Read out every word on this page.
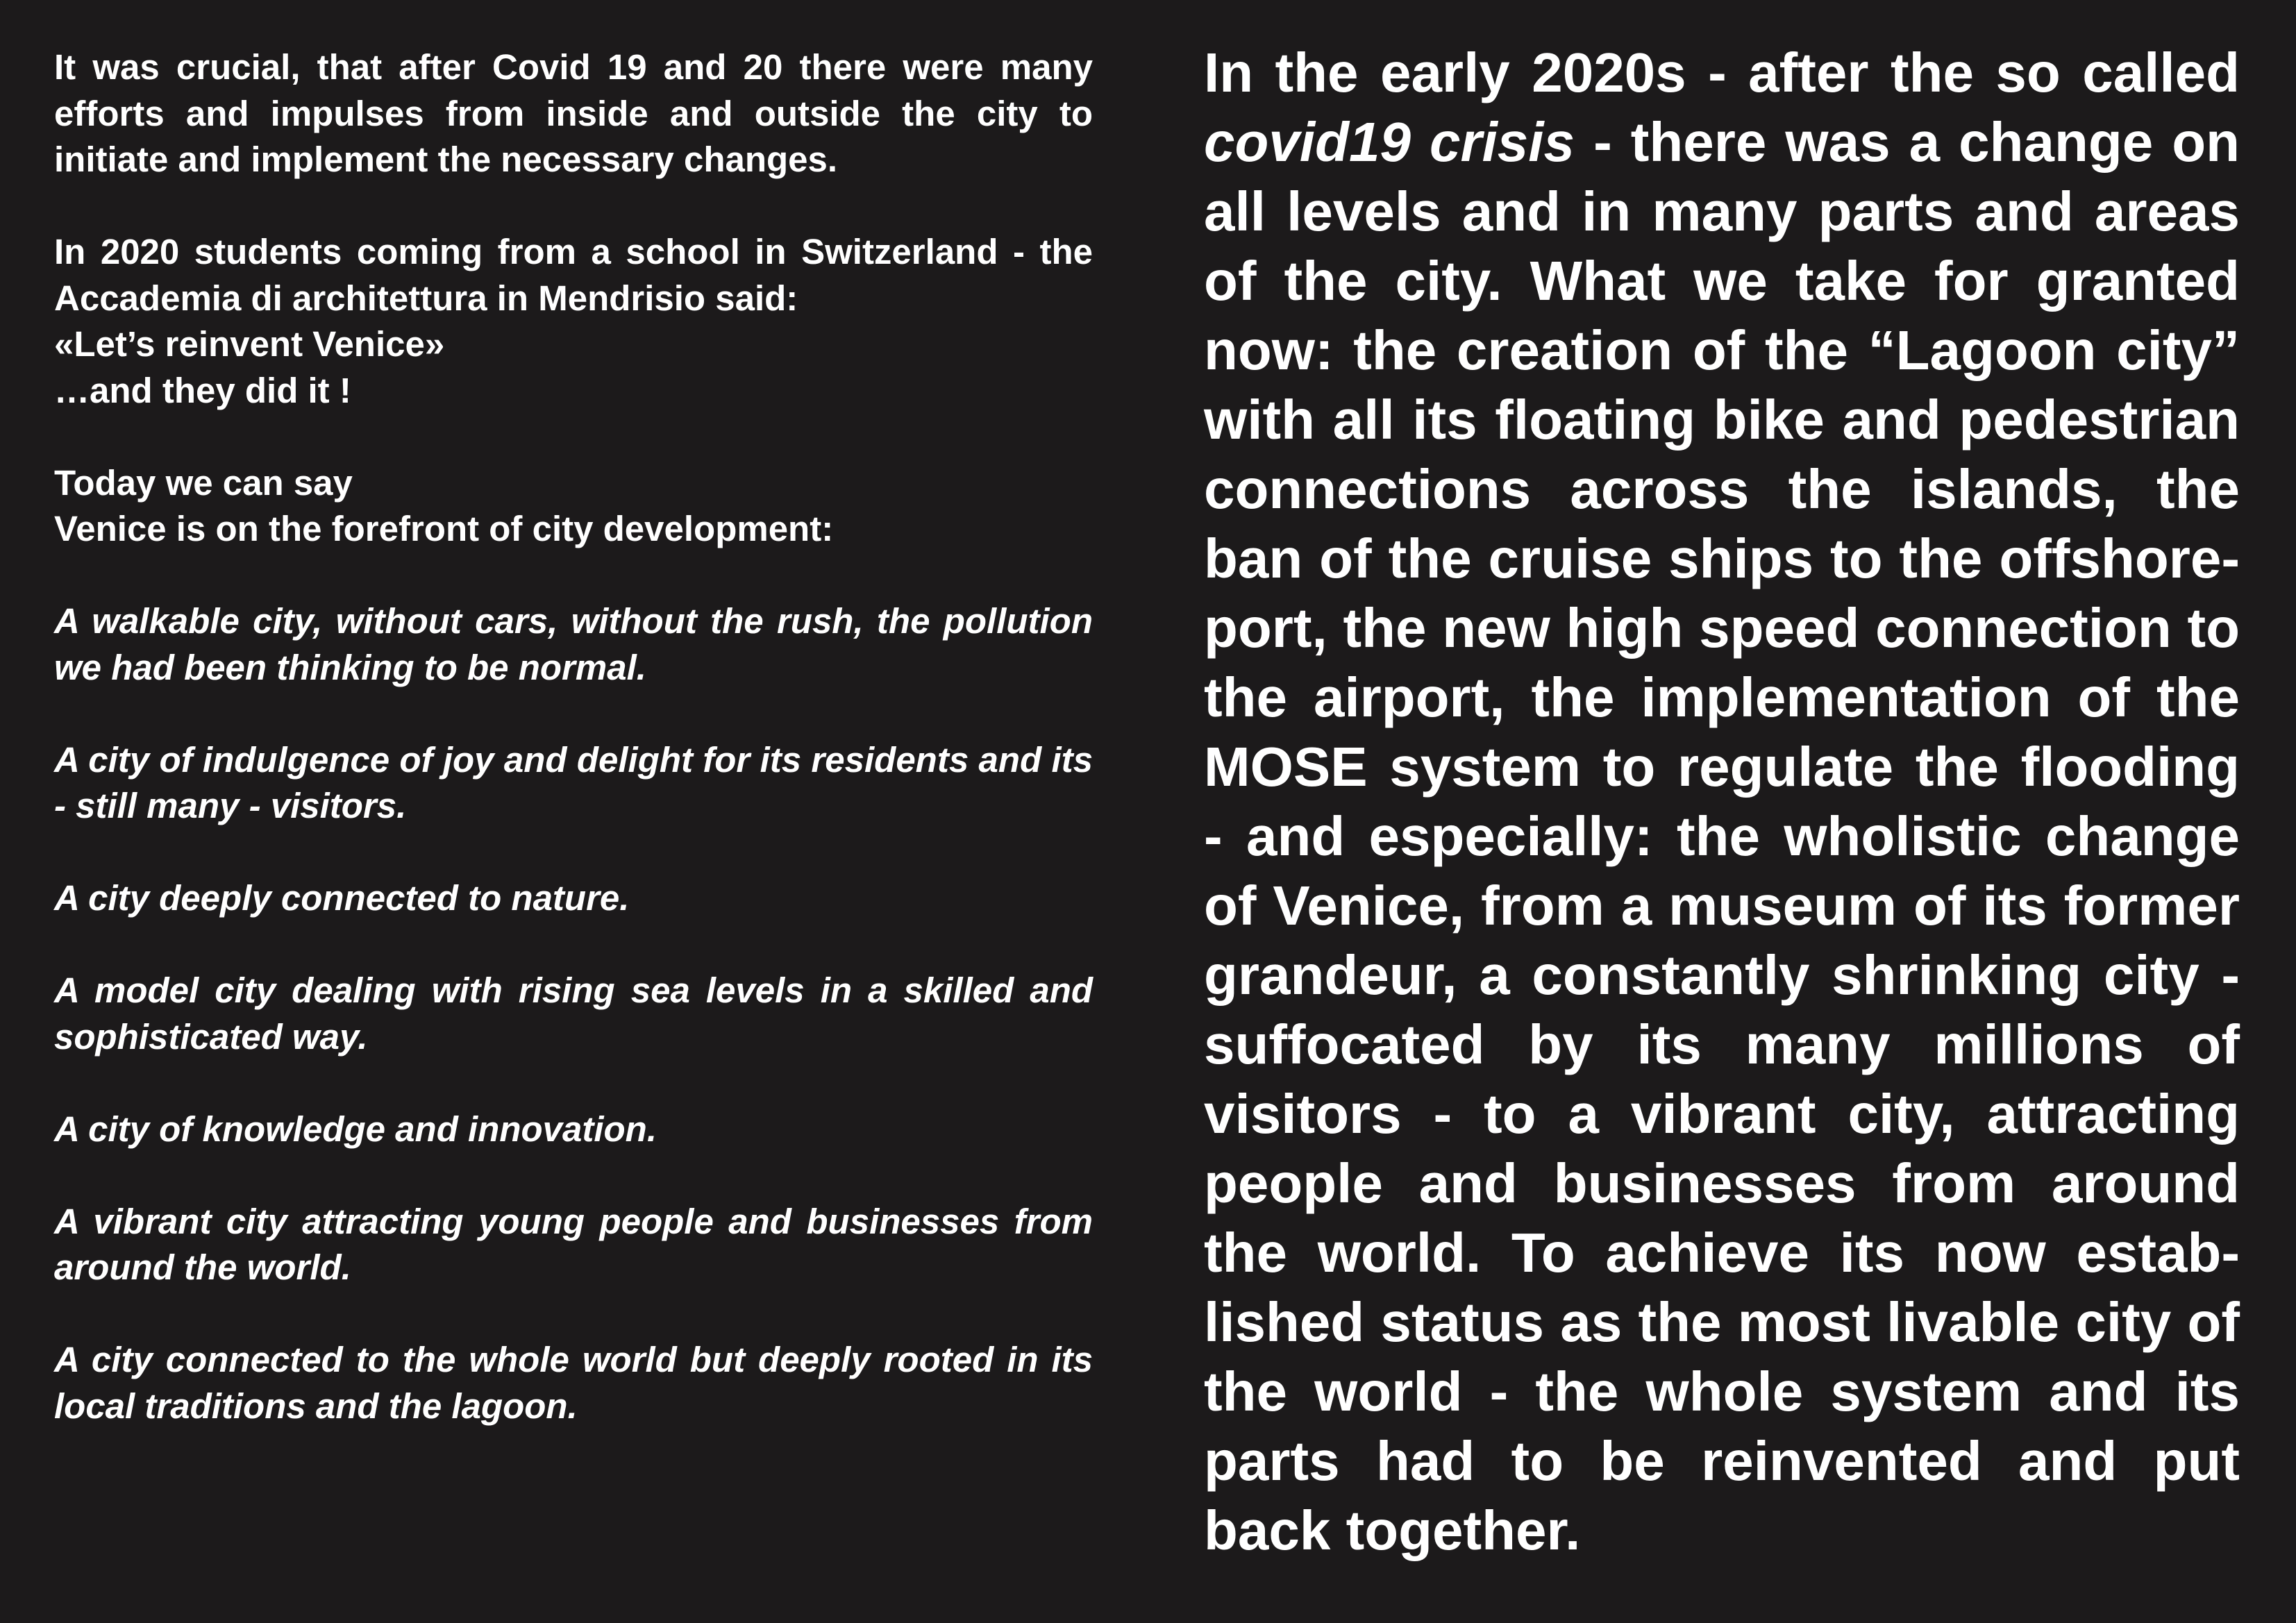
It was crucial, that after Covid 19 and 20 there were many efforts and impulses from inside and outside the city to initiate and implement the necessary changes.

In 2020 students coming from a school in Switzerland - the Accademia di architettura in Mendrisio said:
«Let’s reinvent Venice»
…and they did it !

Today we can say
Venice is on the forefront of city development:

A walkable city, without cars, without the rush, the pollution we had been thinking to be normal.

A city of indulgence of joy and delight for its residents and its - still many - visitors.

A city deeply connected to nature.

A model city dealing with rising sea levels in a skilled and sophisticated way.

A city of knowledge and innovation.

A vibrant city attracting young people and businesses from around the world.

A city connected to the whole world but deeply rooted in its local traditions and the lagoon.

In the early 2020s - after the so called covid19 crisis - there was a change on all levels and in many parts and areas of the city. What we take for granted now: the creation of the “Lagoon city” with all its floating bike and pedestrian connections across the islands, the ban of the cruise ships to the offshoreport, the new high speed connection to the airport, the implementation of the MOSE system to regulate the flooding - and especially: the wholistic change of Venice, from a museum of its former grandeur, a constantly shrinking city - suffocated by its many millions of visitors - to a vibrant city, attracting people and businesses from around the world. To achieve its now established status as the most livable city of the world - the whole system and its parts had to be reinvented and put back together.
